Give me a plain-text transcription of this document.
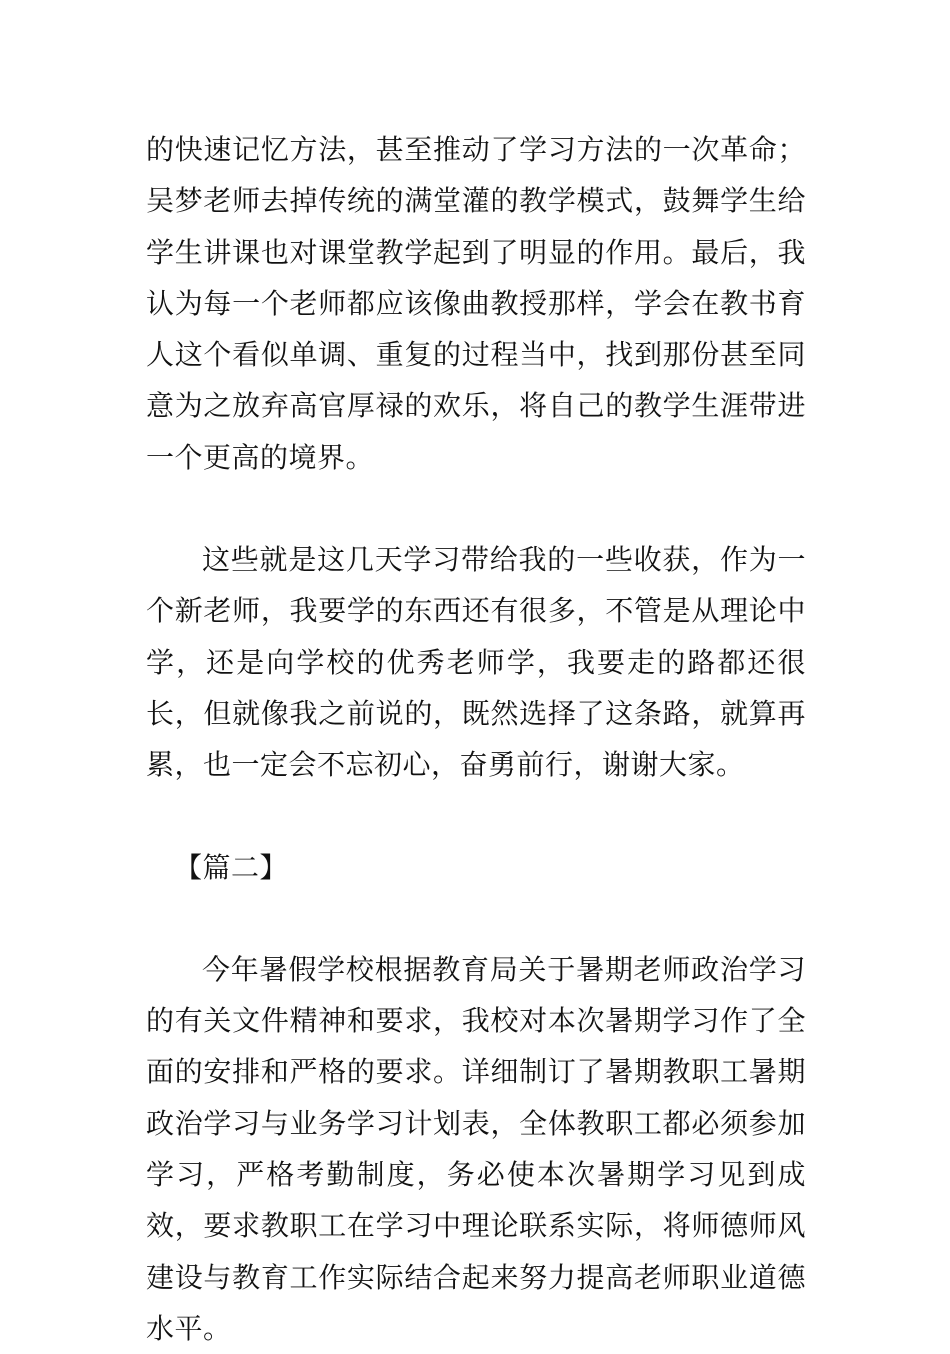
的快速记忆方法，甚至推动了学习方法的一次革命；吴梦老师去掉传统的满堂灌的教学模式，鼓舞学生给学生讲课也对课堂教学起到了明显的作用。最后，我认为每一个老师都应该像曲教授那样，学会在教书育人这个看似单调、重复的过程当中，找到那份甚至同意为之放弃高官厚禄的欢乐，将自己的教学生涯带进一个更高的境界。

这些就是这几天学习带给我的一些收获，作为一个新老师，我要学的东西还有很多，不管是从理论中学，还是向学校的优秀老师学，我要走的路都还很长，但就像我之前说的，既然选择了这条路，就算再累，也一定会不忘初心，奋勇前行，谢谢大家。

【篇二】

今年暑假学校根据教育局关于暑期老师政治学习的有关文件精神和要求，我校对本次暑期学习作了全面的安排和严格的要求。详细制订了暑期教职工暑期政治学习与业务学习计划表，全体教职工都必须参加学习，严格考勤制度，务必使本次暑期学习见到成效，要求教职工在学习中理论联系实际，将师德师风建设与教育工作实际结合起来努力提高老师职业道德水平。
